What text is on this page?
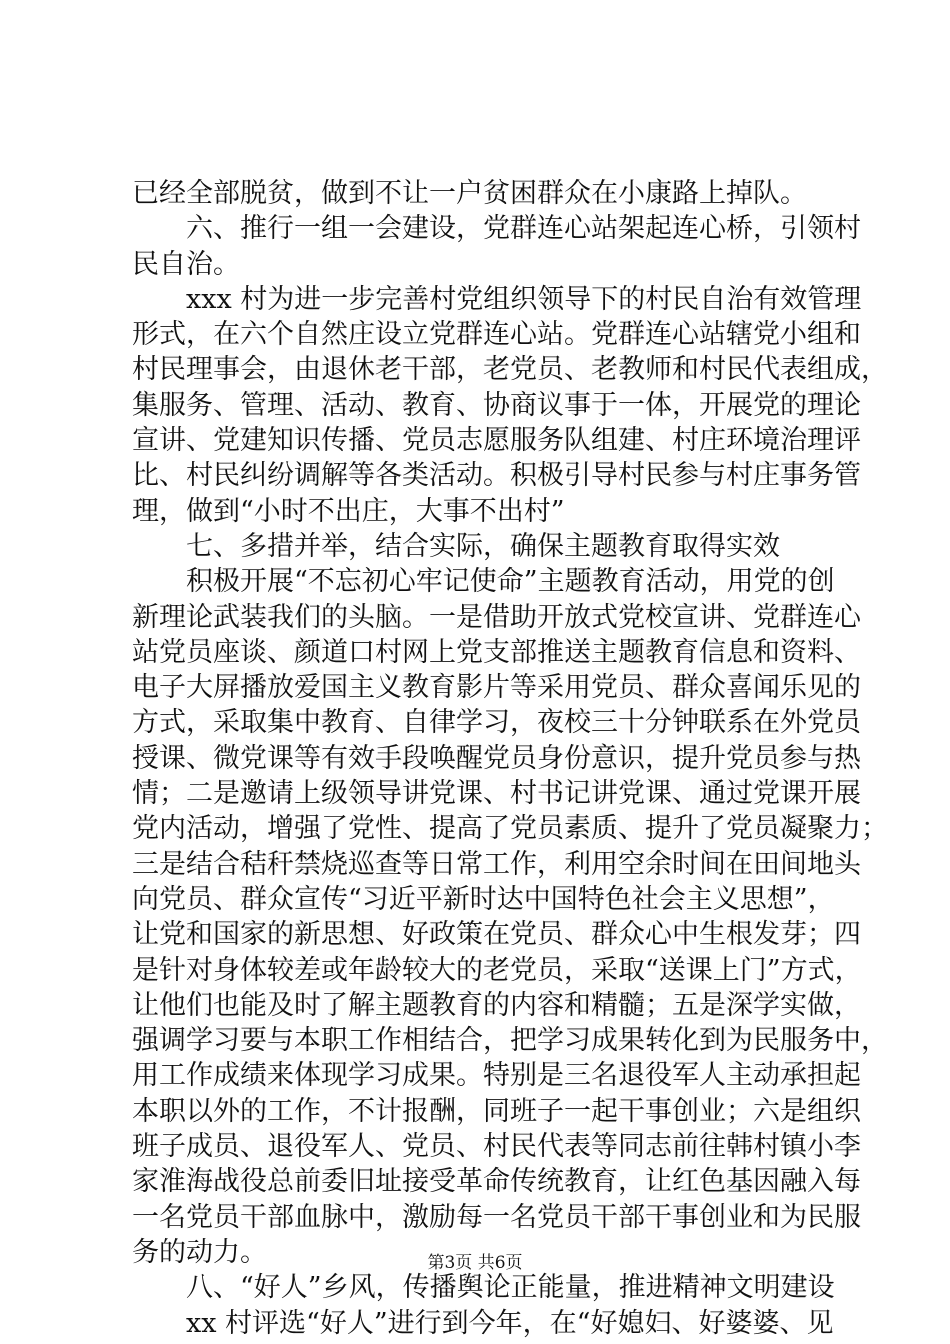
已经全部脱贫，做到不让一户贫困群众在小康路上掉队。
六、推行一组一会建设，党群连心站架起连心桥，引领村
民自治。
xxx 村为进一步完善村党组织领导下的村民自治有效管理
形式，在六个自然庄设立党群连心站。党群连心站辖党小组和
村民理事会，由退休老干部，老党员、老教师和村民代表组成，
集服务、管理、活动、教育、协商议事于一体，开展党的理论
宣讲、党建知识传播、党员志愿服务队组建、村庄环境治理评
比、村民纠纷调解等各类活动。积极引导村民参与村庄事务管
理，做到“小时不出庄，大事不出村”
七、多措并举，结合实际，确保主题教育取得实效
积极开展“不忘初心牢记使命”主题教育活动，用党的创
新理论武装我们的头脑。一是借助开放式党校宣讲、党群连心
站党员座谈、颜道口村网上党支部推送主题教育信息和资料、
电子大屏播放爱国主义教育影片等采用党员、群众喜闻乐见的
方式，采取集中教育、自律学习，夜校三十分钟联系在外党员
授课、微党课等有效手段唤醒党员身份意识，提升党员参与热
情；二是邀请上级领导讲党课、村书记讲党课、通过党课开展
党内活动，增强了党性、提高了党员素质、提升了党员凝聚力；
三是结合秸秆禁烧巡查等日常工作，利用空余时间在田间地头
向党员、群众宣传“习近平新时达中国特色社会主义思想”，
让党和国家的新思想、好政策在党员、群众心中生根发芽；四
是针对身体较差或年龄较大的老党员，采取“送课上门”方式，
让他们也能及时了解主题教育的内容和精髓；五是深学实做，
强调学习要与本职工作相结合，把学习成果转化到为民服务中，
用工作成绩来体现学习成果。特别是三名退役军人主动承担起
本职以外的工作，不计报酬，同班子一起干事创业；六是组织
班子成员、退役军人、党员、村民代表等同志前往韩村镇小李
家淮海战役总前委旧址接受革命传统教育，让红色基因融入每
一名党员干部血脉中，激励每一名党员干部干事创业和为民服
务的动力。
八、“好人”乡风，传播舆论正能量，推进精神文明建设
xx 村评选“好人”进行到今年，在“好媳妇、好婆婆、见
第3页 共6页
